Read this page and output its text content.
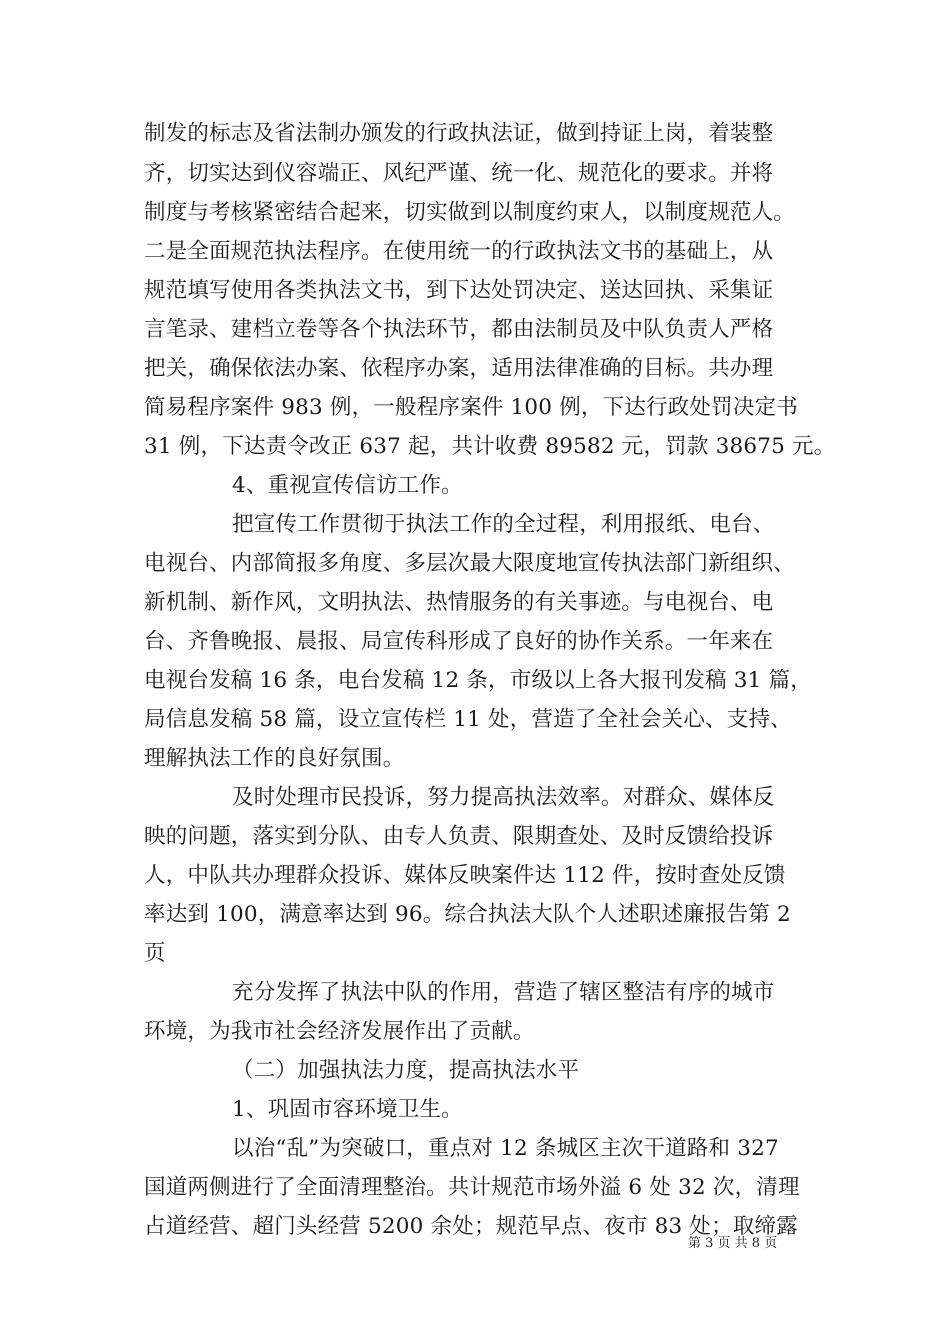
制发的标志及省法制办颁发的行政执法证，做到持证上岗，着装整
齐，切实达到仪容端正、风纪严谨、统一化、规范化的要求。并将
制度与考核紧密结合起来，切实做到以制度约束人，以制度规范人。
二是全面规范执法程序。在使用统一的行政执法文书的基础上，从
规范填写使用各类执法文书，到下达处罚决定、送达回执、采集证
言笔录、建档立卷等各个执法环节，都由法制员及中队负责人严格
把关，确保依法办案、依程序办案，适用法律准确的目标。共办理
简易程序案件 983 例，一般程序案件 100 例，下达行政处罚决定书
31 例，下达责令改正 637 起，共计收费 89582 元，罚款 38675 元。
4、重视宣传信访工作。
把宣传工作贯彻于执法工作的全过程，利用报纸、电台、
电视台、内部简报多角度、多层次最大限度地宣传执法部门新组织、
新机制、新作风，文明执法、热情服务的有关事迹。与电视台、电
台、齐鲁晚报、晨报、局宣传科形成了良好的协作关系。一年来在
电视台发稿 16 条，电台发稿 12 条，市级以上各大报刊发稿 31 篇，
局信息发稿 58 篇，设立宣传栏 11 处，营造了全社会关心、支持、
理解执法工作的良好氛围。
及时处理市民投诉，努力提高执法效率。对群众、媒体反
映的问题，落实到分队、由专人负责、限期查处、及时反馈给投诉
人，中队共办理群众投诉、媒体反映案件达 112 件，按时查处反馈
率达到 100，满意率达到 96。综合执法大队个人述职述廉报告第 2
页
充分发挥了执法中队的作用，营造了辖区整洁有序的城市
环境，为我市社会经济发展作出了贡献。
（二）加强执法力度，提高执法水平
1、巩固市容环境卫生。
以治“乱”为突破口，重点对 12 条城区主次干道路和 327
国道两侧进行了全面清理整治。共计规范市场外溢 6 处 32 次，清理
占道经营、超门头经营 5200 余处；规范早点、夜市 83 处；取缔露
第 3 页 共 8 页
